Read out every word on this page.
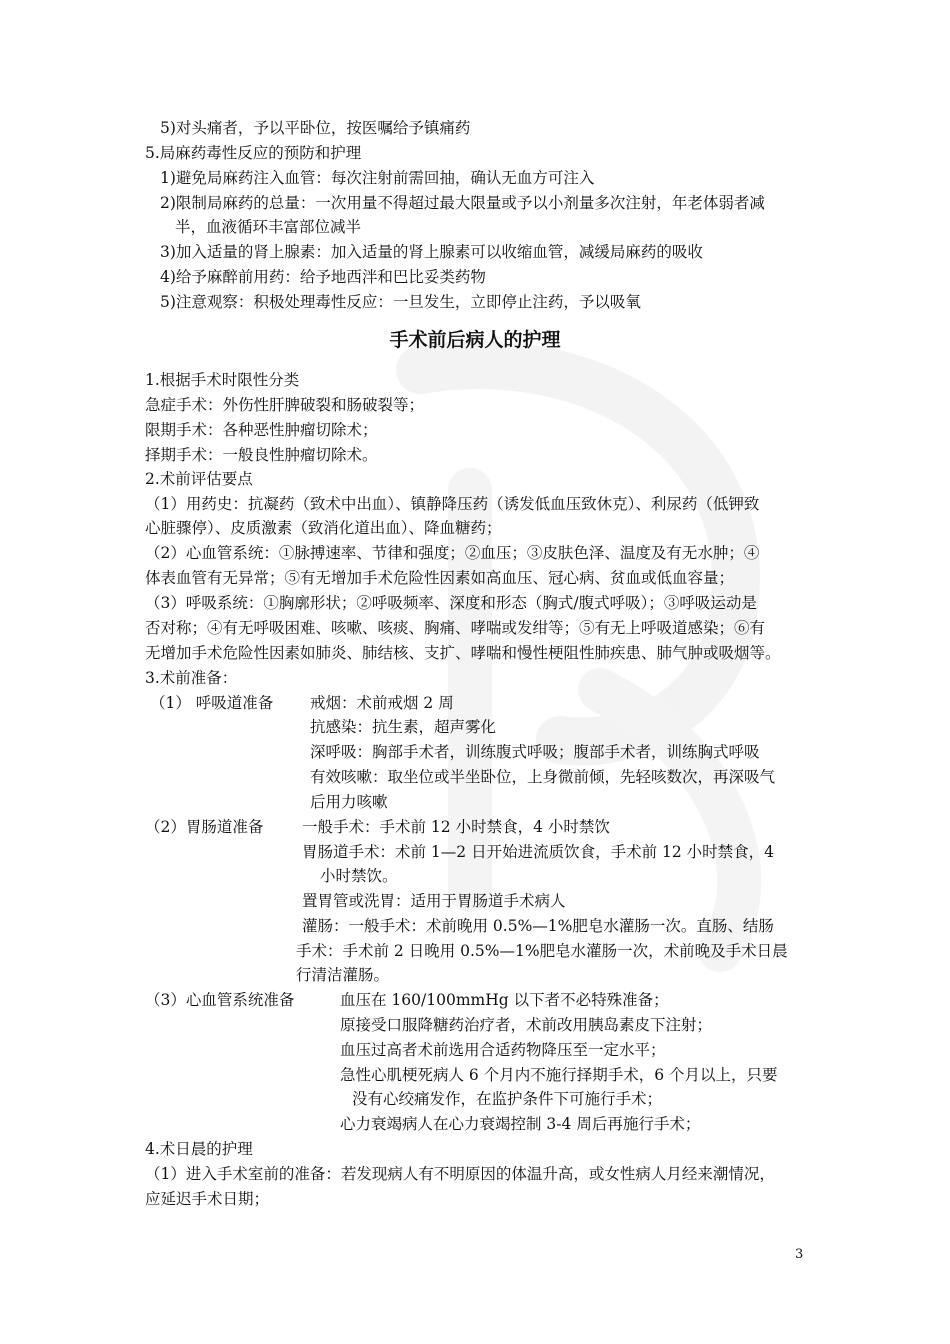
5)对头痛者，予以平卧位，按医嘱给予镇痛药
5.局麻药毒性反应的预防和护理
1)避免局麻药注入血管：每次注射前需回抽，确认无血方可注入
2)限制局麻药的总量：一次用量不得超过最大限量或予以小剂量多次注射，年老体弱者减
半，血液循环丰富部位减半
3)加入适量的肾上腺素：加入适量的肾上腺素可以收缩血管，减缓局麻药的吸收
4)给予麻醉前用药：给予地西泮和巴比妥类药物
5)注意观察：积极处理毒性反应：一旦发生，立即停止注药，予以吸氧
手术前后病人的护理
1.根据手术时限性分类
急症手术：外伤性肝脾破裂和肠破裂等；
限期手术：各种恶性肿瘤切除术；
择期手术：一般良性肿瘤切除术。
2.术前评估要点
（1）用药史：抗凝药（致术中出血）、镇静降压药（诱发低血压致休克）、利尿药（低钾致
心脏骤停）、皮质激素（致消化道出血）、降血糖药；
（2）心血管系统：①脉搏速率、节律和强度；②血压；③皮肤色泽、温度及有无水肿；④
体表血管有无异常；⑤有无增加手术危险性因素如高血压、冠心病、贫血或低血容量；
（3）呼吸系统：①胸廓形状；②呼吸频率、深度和形态（胸式/腹式呼吸）；③呼吸运动是
否对称；④有无呼吸困难、咳嗽、咳痰、胸痛、哮喘或发绀等；⑤有无上呼吸道感染；⑥有
无增加手术危险性因素如肺炎、肺结核、支扩、哮喘和慢性梗阻性肺疾患、肺气肿或吸烟等。
3.术前准备：
（1） 呼吸道准备 戒烟：术前戒烟 2 周
抗感染：抗生素，超声雾化
深呼吸：胸部手术者，训练腹式呼吸；腹部手术者，训练胸式呼吸
有效咳嗽：取坐位或半坐卧位，上身微前倾，先轻咳数次，再深吸气
后用力咳嗽
（2）胃肠道准备 一般手术：手术前 12 小时禁食，4 小时禁饮
胃肠道手术：术前 1—2 日开始进流质饮食，手术前 12 小时禁食，4
小时禁饮。
置胃管或洗胃：适用于胃肠道手术病人
灌肠：一般手术：术前晚用 0.5%—1%肥皂水灌肠一次。直肠、结肠
手术：手术前 2 日晚用 0.5%—1%肥皂水灌肠一次，术前晚及手术日晨
行清洁灌肠。
（3）心血管系统准备	血压在 160/100mmHg 以下者不必特殊准备；
原接受口服降糖药治疗者，术前改用胰岛素皮下注射；
血压过高者术前选用合适药物降压至一定水平；
急性心肌梗死病人 6 个月内不施行择期手术，6 个月以上，只要
没有心绞痛发作，在监护条件下可施行手术；
心力衰竭病人在心力衰竭控制 3-4 周后再施行手术；
4.术日晨的护理
（1）进入手术室前的准备：若发现病人有不明原因的体温升高，或女性病人月经来潮情况，
应延迟手术日期；
3
